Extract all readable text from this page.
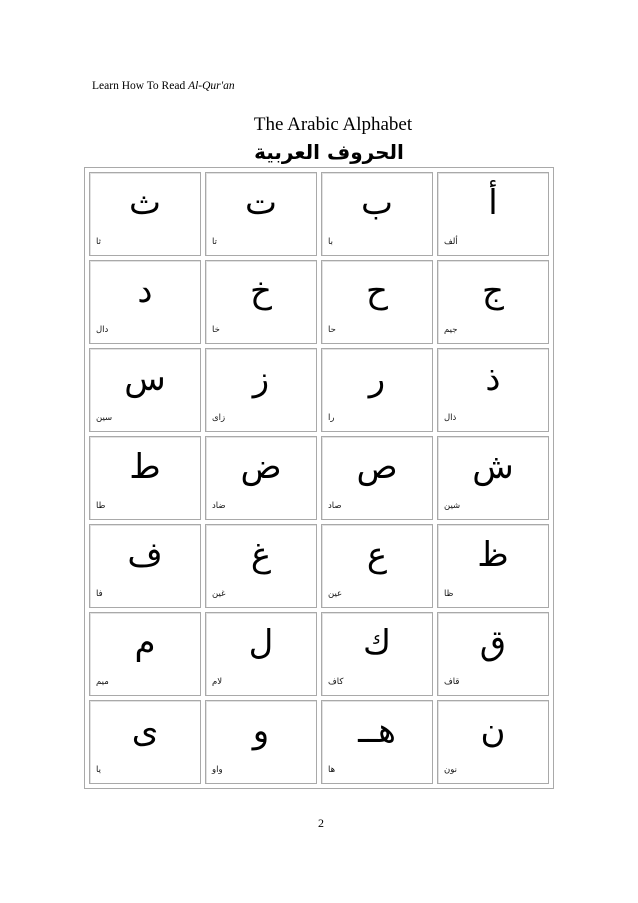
Learn How To Read Al-Qur'an
The Arabic Alphabet
الحروف العربية
أ
ألف
ب
با
ت
تا
ث
ثا
ج
جيم
ح
حا
خ
خا
د
دال
ذ
ذال
ر
را
ز
زاى
س
سين
ش
شين
ص
صاد
ض
ضاد
ط
طا
ظ
ظا
ع
عين
غ
غين
ف
فا
ق
قاف
ك
كاف
ل
لام
م
ميم
ن
نون
هــ
ها
و
واو
ى
يا
2
